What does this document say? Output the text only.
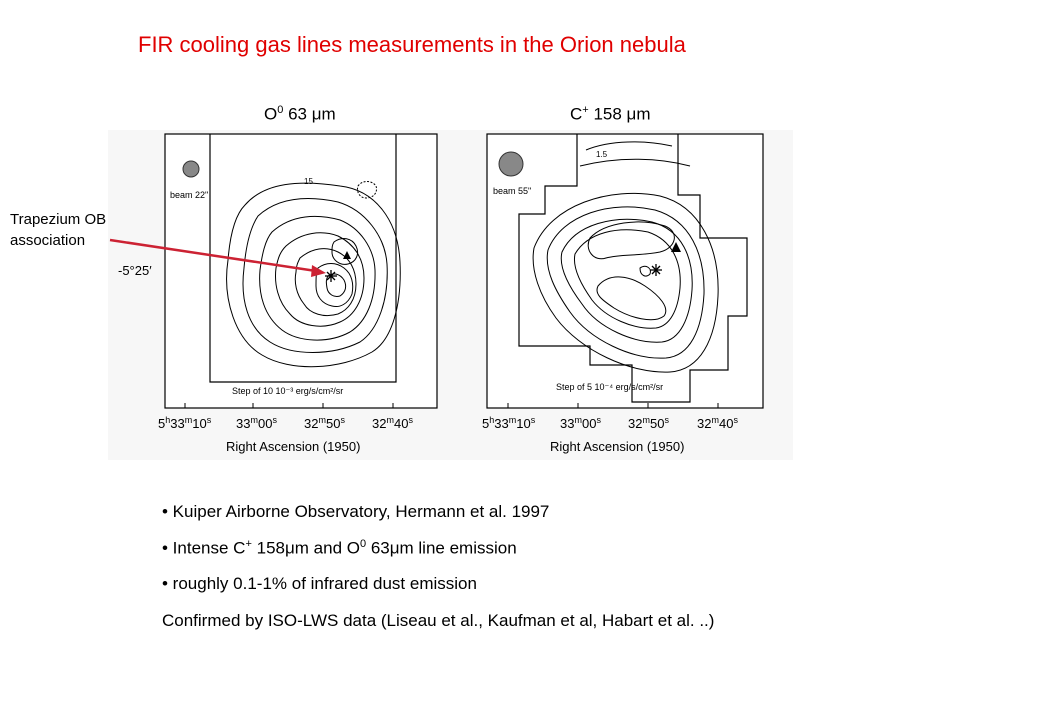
FIR cooling gas lines measurements in the Orion nebula
$O^0$ 63 μm	C+ 158 μm
beam 22"
15
Step of 10 10⁻³ erg/s/cm²/sr
-5°25′
5$^h$33$^m$10$^s$ 33$^m$00$^s$ 32$^m$50$^s$ 32$^m$40$^s$
Right Ascension (1950)
beam 55"
1.5
Step of 5 10⁻⁴ erg/s/cm²/sr
5$^h$33$^m$10$^s$ 33$^m$00$^s$ 32$^m$50$^s$ 32$^m$40$^s$
Right Ascension (1950)
Trapezium OB
association
• Kuiper Airborne Observatory, Hermann et al. 1997
• Intense C+ 158μm and $O^0$ 63μm line emission
• roughly 0.1-1% of infrared dust emission
Confirmed by ISO-LWS data (Liseau et al., Kaufman et al, Habart et al. ..)
